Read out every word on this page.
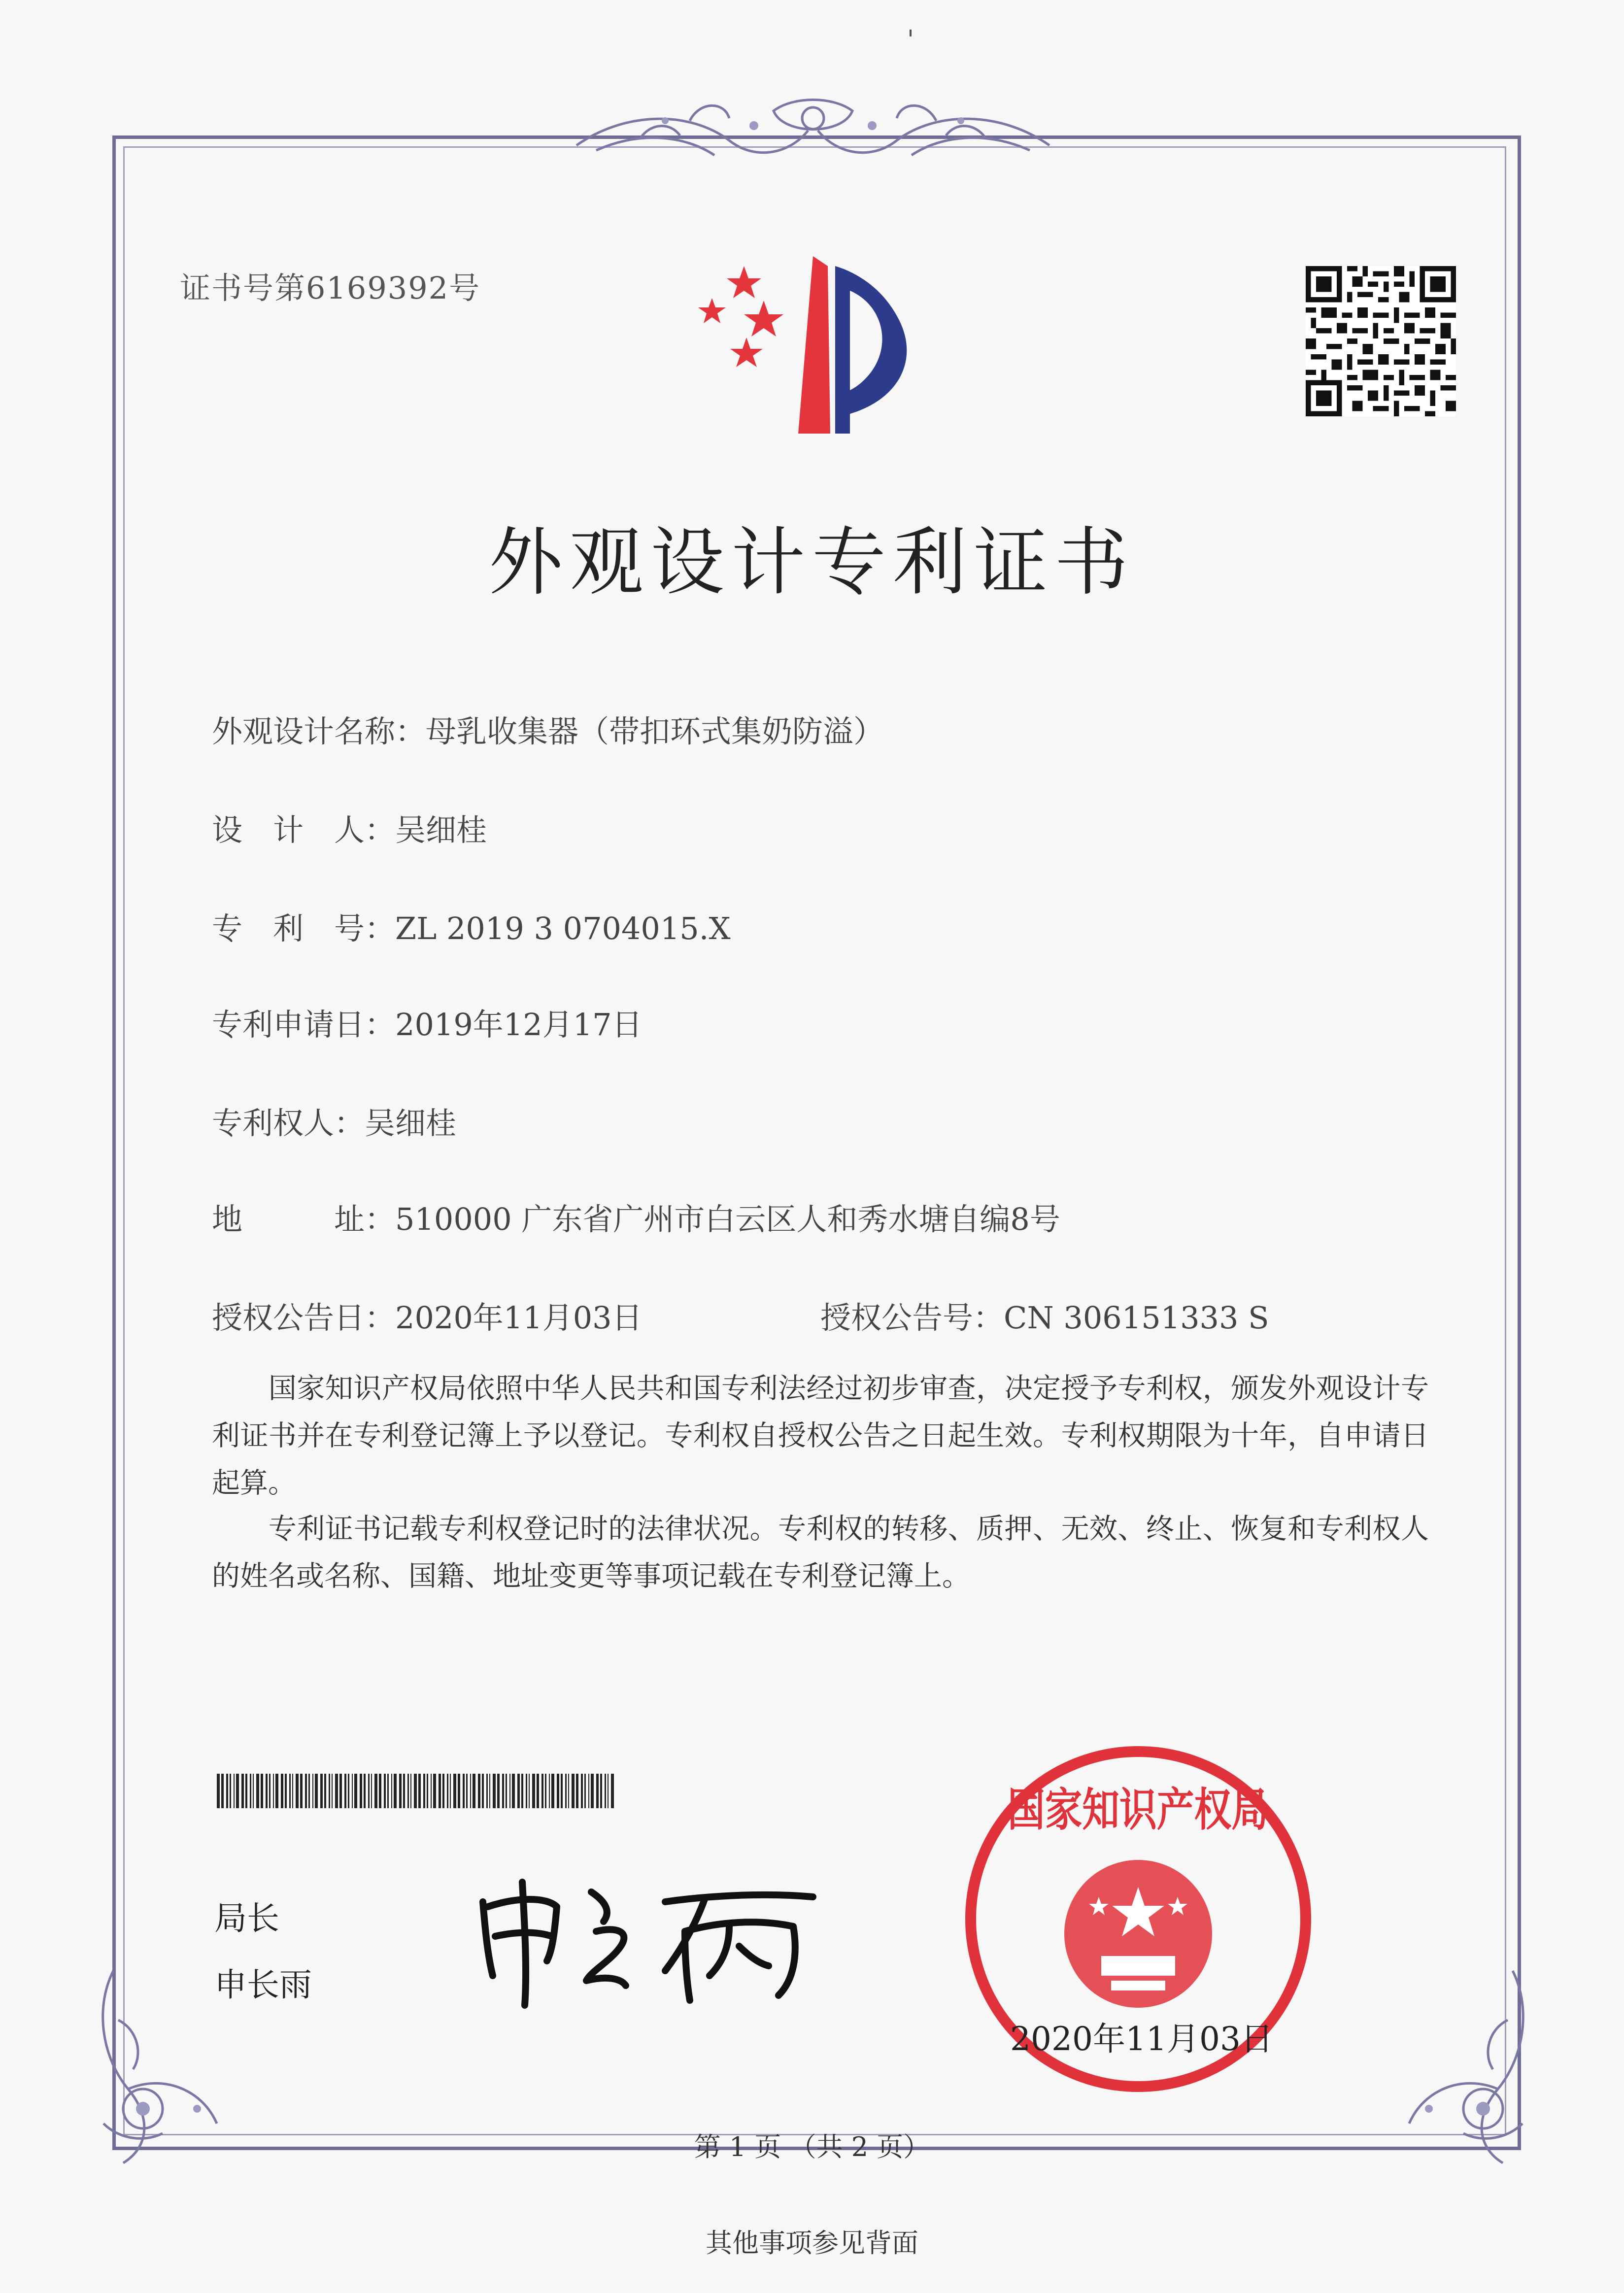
证书号第6169392号
外观设计专利证书
外观设计名称：母乳收集器（带扣环式集奶防溢）
设　计　人：吴细桂
专　利　号：ZL 2019 3 0704015.X
专利申请日：2019年12月17日
专利权人：吴细桂
地　　　址：510000 广东省广州市白云区人和秀水塘自编8号
授权公告日：2020年11月03日	授权公告号：CN 306151333 S
　　国家知识产权局依照中华人民共和国专利法经过初步审查，决定授予专利权，颁发外观设计专利证书并在专利登记簿上予以登记。专利权自授权公告之日起生效。专利权期限为十年，自申请日起算。
　　专利证书记载专利权登记时的法律状况。专利权的转移、质押、无效、终止、恢复和专利权人的姓名或名称、国籍、地址变更等事项记载在专利登记簿上。
局长
申长雨
国家知识产权局
2020年11月03日
第 1 页 （共 2 页）
其他事项参见背面
